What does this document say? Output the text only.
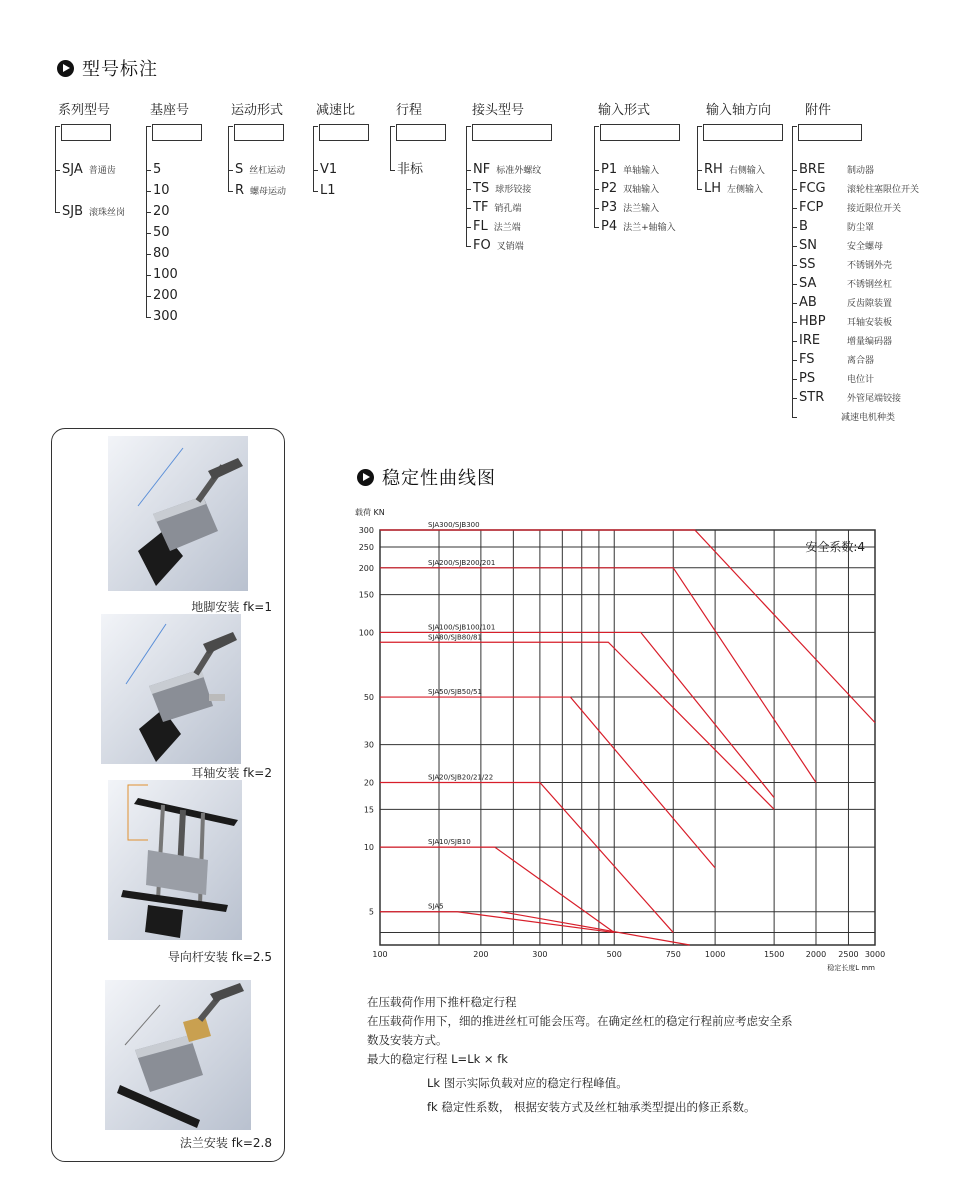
型号标注
系列型号
SJA 普通齿
SJB 滚珠丝岗
基座号
5
10
20
50
80
100
200
300
运动形式
S 丝杠运动
R 螺母运动
减速比
V1
L1
行程
非标
接头型号
NF 标准外螺纹
TS 球形铰接
TF 销孔端
FL 法兰端
FO 叉销端
输入形式
P1 单轴输入
P2 双轴输入
P3 法兰输入
P4 法兰+轴输入
输入轴方向
RH 右侧输入
LH 左侧输入
附件
BRE 制动器
FCG 滚轮柱塞限位开关
FCP	接近限位开关
B	防尘罩
SN	安全螺母
SS	不锈钢外壳
SA	不锈钢丝杠
AB	反齿隙装置
HBP 耳轴安装板
IRE	增量编码器
FS	离合器
PS	电位计
STR	外管尾端铰接
减速电机种类
地脚安装 fk=1
耳轴安装 fk=2
导向杆安装 fk=2.5
法兰安装 fk=2.8
稳定性曲线图
5
10
15
20
30
50
100
150
200
250
300
100	200	300	500	750	1000	1500	2000 2500 3000
载荷 KN
稳定长度L mm
安全系数:4
SJA300/SJB300
SJA200/SJB200/201
SJA100/SJB100/101
SJA80/SJB80/81
SJA50/SJB50/51
SJA20/SJB20/21/22
SJA10/SJB10
SJA5

在压载荷作用下推杆稳定行程

在压载荷作用下，细的推进丝杠可能会压弯。在确定丝杠的稳定行程前应考虑安全系

数及安装方式。

最大的稳定行程 L=Lk × fk

Lk 图示实际负载对应的稳定行程峰值。

fk 稳定性系数， 根据安装方式及丝杠轴承类型提出的修正系数。
